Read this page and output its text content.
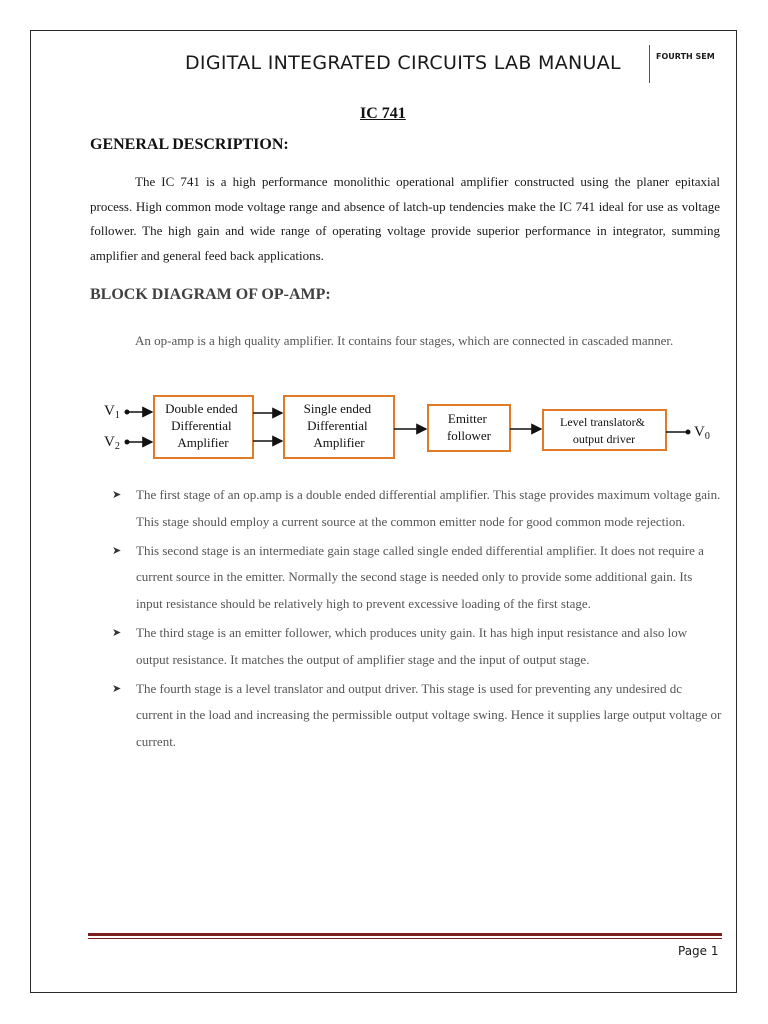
DIGITAL INTEGRATED CIRCUITS LAB MANUAL	FOURTH SEM
IC 741
GENERAL DESCRIPTION:
The IC 741 is a high performance monolithic operational amplifier constructed using the planer epitaxial process. High common mode voltage range and absence of latch-up tendencies make the IC 741 ideal for use as voltage follower. The high gain and wide range of operating voltage provide superior performance in integrator, summing amplifier and general feed back applications.
BLOCK DIAGRAM OF OP-AMP:
An op-amp is a high quality amplifier. It contains four stages, which are connected in cascaded manner.
$V_1$
$V_2$
Double ended Differential Amplifier
Single ended Differential Amplifier
Emitter follower
Level translator& output driver	$V_0$
➤ The first stage of an op.amp is a double ended differential amplifier. This stage provides maximum voltage gain. This stage should employ a current source at the common emitter node for good common mode rejection.
➤ This second stage is an intermediate gain stage called single ended differential amplifier. It does not require a current source in the emitter. Normally the second stage is needed only to provide some additional gain. Its input resistance should be relatively high to prevent excessive loading of the first stage.
➤ The third stage is an emitter follower, which produces unity gain. It has high input resistance and also low output resistance. It matches the output of amplifier stage and the input of output stage.
➤ The fourth stage is a level translator and output driver. This stage is used for preventing any undesired dc current in the load and increasing the permissible output voltage swing. Hence it supplies large output voltage or current.
Page 1
